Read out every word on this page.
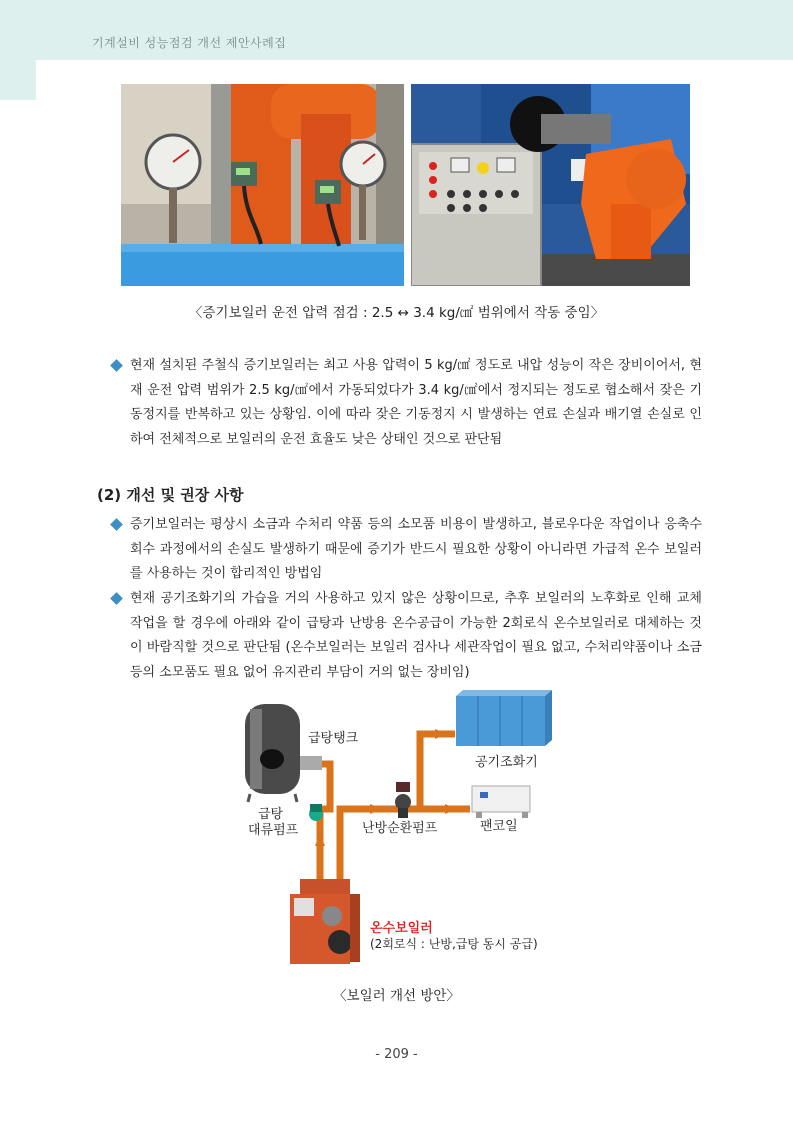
기계설비 성능점검 개선 제안사례집
〈증기보일러 운전 압력 점검 : 2.5 ↔ 3.4 kg/㎠ 범위에서 작동 중임〉
현재 설치된 주철식 증기보일러는 최고 사용 압력이 5 kg/㎠ 정도로 내압 성능이 작은 장비이어서, 현재 운전 압력 범위가 2.5 kg/㎠에서 가동되었다가 3.4 kg/㎠에서 정지되는 정도로 협소해서 잦은 기동정지를 반복하고 있는 상황임. 이에 따라 잦은 기동정지 시 발생하는 연료 손실과 배기열 손실로 인하여 전체적으로 보일러의 운전 효율도 낮은 상태인 것으로 판단됨
(2) 개선 및 권장 사항
증기보일러는 평상시 소금과 수처리 약품 등의 소모품 비용이 발생하고, 블로우다운 작업이나 응축수 회수 과정에서의 손실도 발생하기 때문에 증기가 반드시 필요한 상황이 아니라면 가급적 온수 보일러를 사용하는 것이 합리적인 방법임
현재 공기조화기의 가습을 거의 사용하고 있지 않은 상황이므로, 추후 보일러의 노후화로 인해 교체 작업을 할 경우에 아래와 같이 급탕과 난방용 온수공급이 가능한 2회로식 온수보일러로 대체하는 것이 바람직할 것으로 판단됨 (온수보일러는 보일러 검사나 세관작업이 필요 없고, 수처리약품이나 소금 등의 소모품도 필요 없어 유지관리 부담이 거의 없는 장비임)
급탕탱크
급탕
대류펌프	난방순환펌프
공기조화기
팬코일
온수보일러
(2회로식 : 난방,급탕 동시 공급)
〈보일러 개선 방안〉
- 209 -
